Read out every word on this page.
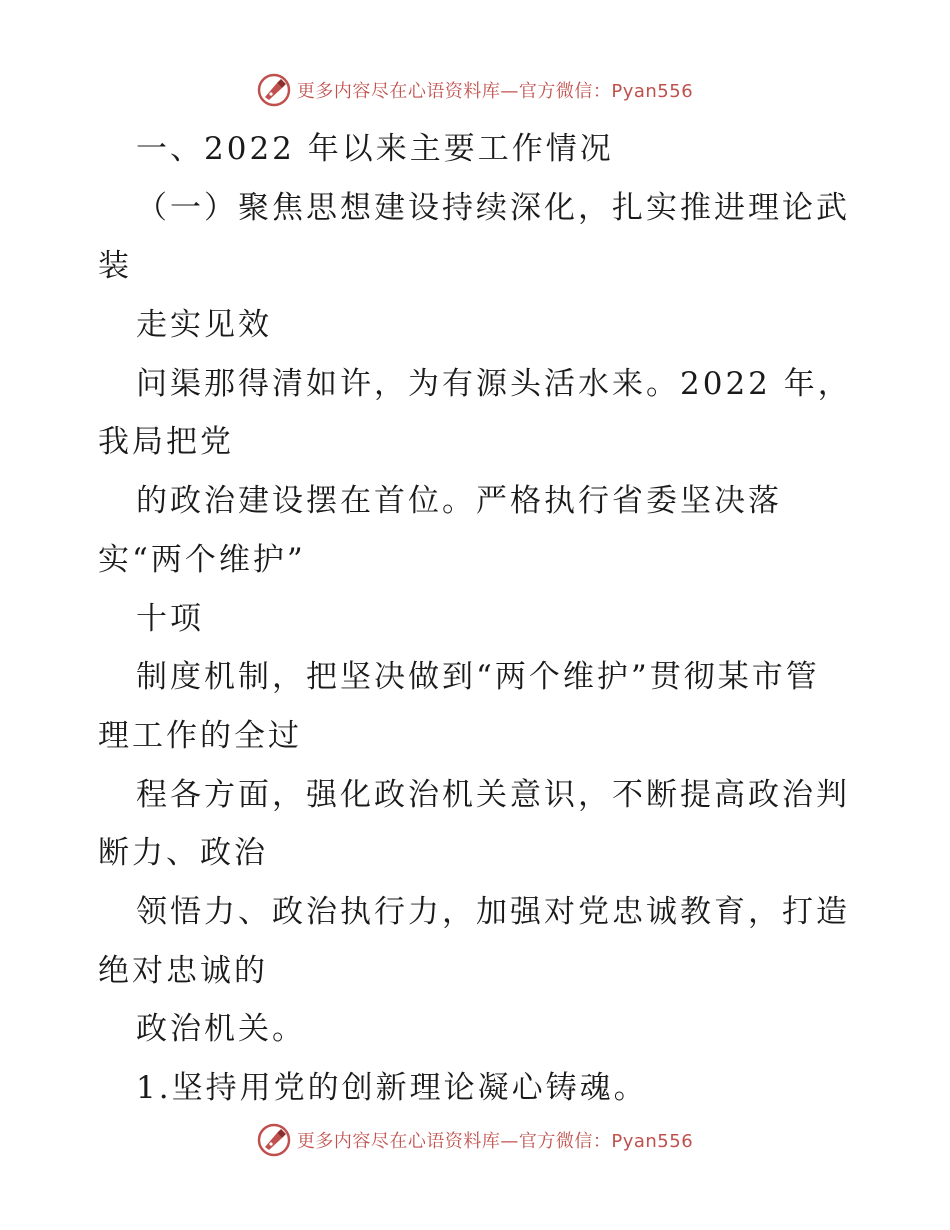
更多内容尽在心语资料库—官方微信：Pyan556
一、2022 年以来主要工作情况
（一）聚焦思想建设持续深化，扎实推进理论武
装
走实见效
问渠那得清如许，为有源头活水来。2022 年，
我局把党
的政治建设摆在首位。严格执行省委坚决落
实“两个维护”
十项
制度机制，把坚决做到“两个维护”贯彻某市管
理工作的全过
程各方面，强化政治机关意识，不断提高政治判
断力、政治
领悟力、政治执行力，加强对党忠诚教育，打造
绝对忠诚的
政治机关。
1.坚持用党的创新理论凝心铸魂。
更多内容尽在心语资料库—官方微信：Pyan556
